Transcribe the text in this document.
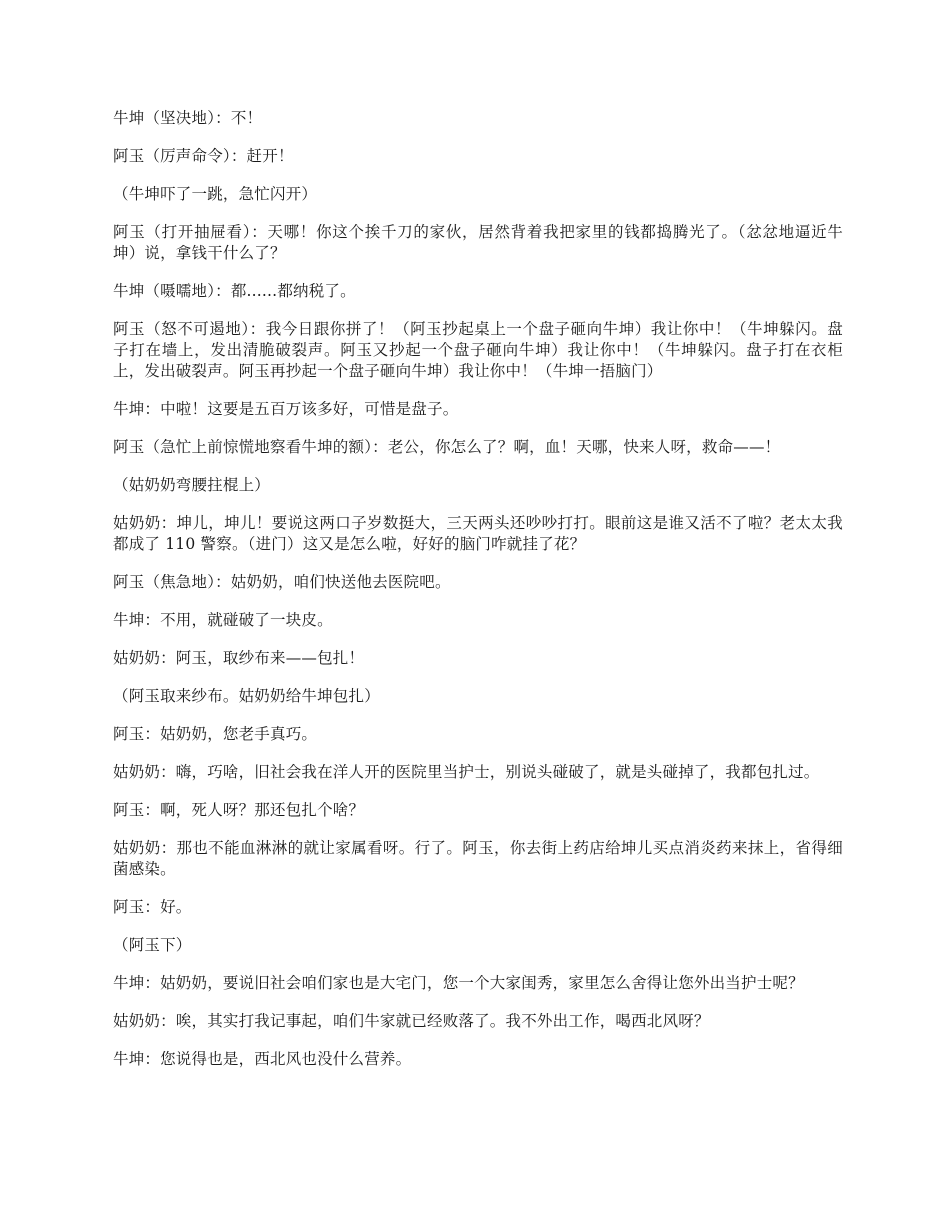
牛坤（坚决地）：不！

阿玉（厉声命令）：赶开！

（牛坤吓了一跳，急忙闪开）

阿玉（打开抽屉看）：天哪！你这个挨千刀的家伙，居然背着我把家里的钱都捣腾光了。（忿忿地逼近牛坤）说，拿钱干什么了？

牛坤（嗫嚅地）：都......都纳税了。

阿玉（怒不可遏地）：我今日跟你拼了！（阿玉抄起桌上一个盘子砸向牛坤）我让你中！（牛坤躲闪。盘子打在墙上，发出清脆破裂声。阿玉又抄起一个盘子砸向牛坤）我让你中！（牛坤躲闪。盘子打在衣柜上，发出破裂声。阿玉再抄起一个盘子砸向牛坤）我让你中！（牛坤一捂脑门）

牛坤：中啦！这要是五百万该多好，可惜是盘子。

阿玉（急忙上前惊慌地察看牛坤的额）：老公，你怎么了？啊，血！天哪，快来人呀，救命——！

（姑奶奶弯腰拄棍上）

姑奶奶：坤儿，坤儿！要说这两口子岁数挺大，三天两头还吵吵打打。眼前这是谁又活不了啦？老太太我都成了 110 警察。（进门）这又是怎么啦，好好的脑门咋就挂了花？

阿玉（焦急地）：姑奶奶，咱们快送他去医院吧。

牛坤：不用，就碰破了一块皮。

姑奶奶：阿玉，取纱布来——包扎！

（阿玉取来纱布。姑奶奶给牛坤包扎）

阿玉：姑奶奶，您老手真巧。

姑奶奶：嗨，巧啥，旧社会我在洋人开的医院里当护士，别说头碰破了，就是头碰掉了，我都包扎过。

阿玉：啊，死人呀？那还包扎个啥？

姑奶奶：那也不能血淋淋的就让家属看呀。行了。阿玉，你去街上药店给坤儿买点消炎药来抹上，省得细菌感染。

阿玉：好。

（阿玉下）

牛坤：姑奶奶，要说旧社会咱们家也是大宅门，您一个大家闺秀，家里怎么舍得让您外出当护士呢？

姑奶奶：唉，其实打我记事起，咱们牛家就已经败落了。我不外出工作，喝西北风呀？

牛坤：您说得也是，西北风也没什么营养。
